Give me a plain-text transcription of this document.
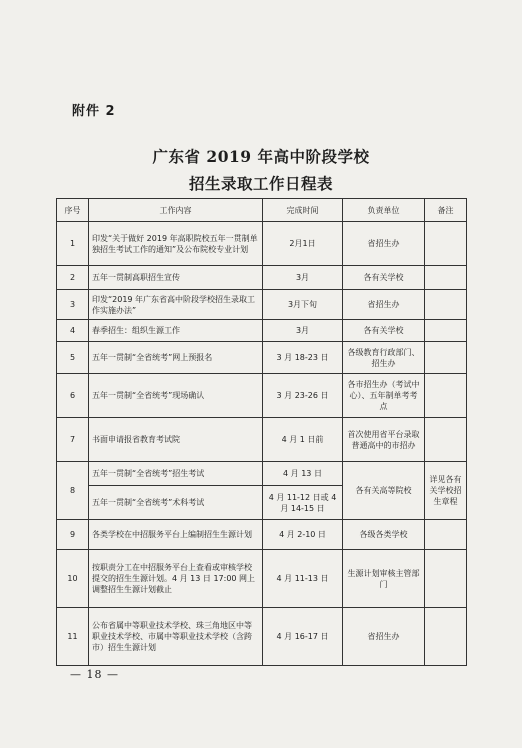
附件 2
广东省 2019 年高中阶段学校
招生录取工作日程表
序号	工作内容	完成时间	负责单位	备注
1	印发“关于做好 2019 年高职院校五年一贯制单独招生考试工作的通知”及公布院校专业计划	2月1日	省招生办	
2	五年一贯制高职招生宣传	3月	各有关学校	
3	印发“2019 年广东省高中阶段学校招生录取工作实施办法”	3月下旬	省招生办	
4	春季招生：组织生源工作	3月	各有关学校	
5	五年一贯制“全省统考”网上预报名	3 月 18-23 日	各级教育行政部门、招生办	
6	五年一贯制“全省统考”现场确认	3 月 23-26 日	各市招生办（考试中心）、五年制单考考点	
7	书面申请报省教育考试院	4 月 1 日前	首次使用省平台录取普通高中的市招办	
8	五年一贯制“全省统考”招生考试	4 月 13 日	各有关高等院校	详见各有关学校招生章程
	五年一贯制“全省统考”术科考试	4 月 11-12 日或 4 月 14-15 日		
9	各类学校在中招服务平台上编制招生生源计划	4 月 2-10 日	各级各类学校	
10	按职责分工在中招服务平台上查看或审核学校提交的招生生源计划。4 月 13 日 17:00 网上调整招生生源计划截止	4 月 11-13 日	生源计划审核主管部门	
11	公布省属中等职业技术学校、珠三角地区中等职业技术学校、市属中等职业技术学校（含跨市）招生生源计划	4 月 16-17 日	省招生办	
— 18 —
